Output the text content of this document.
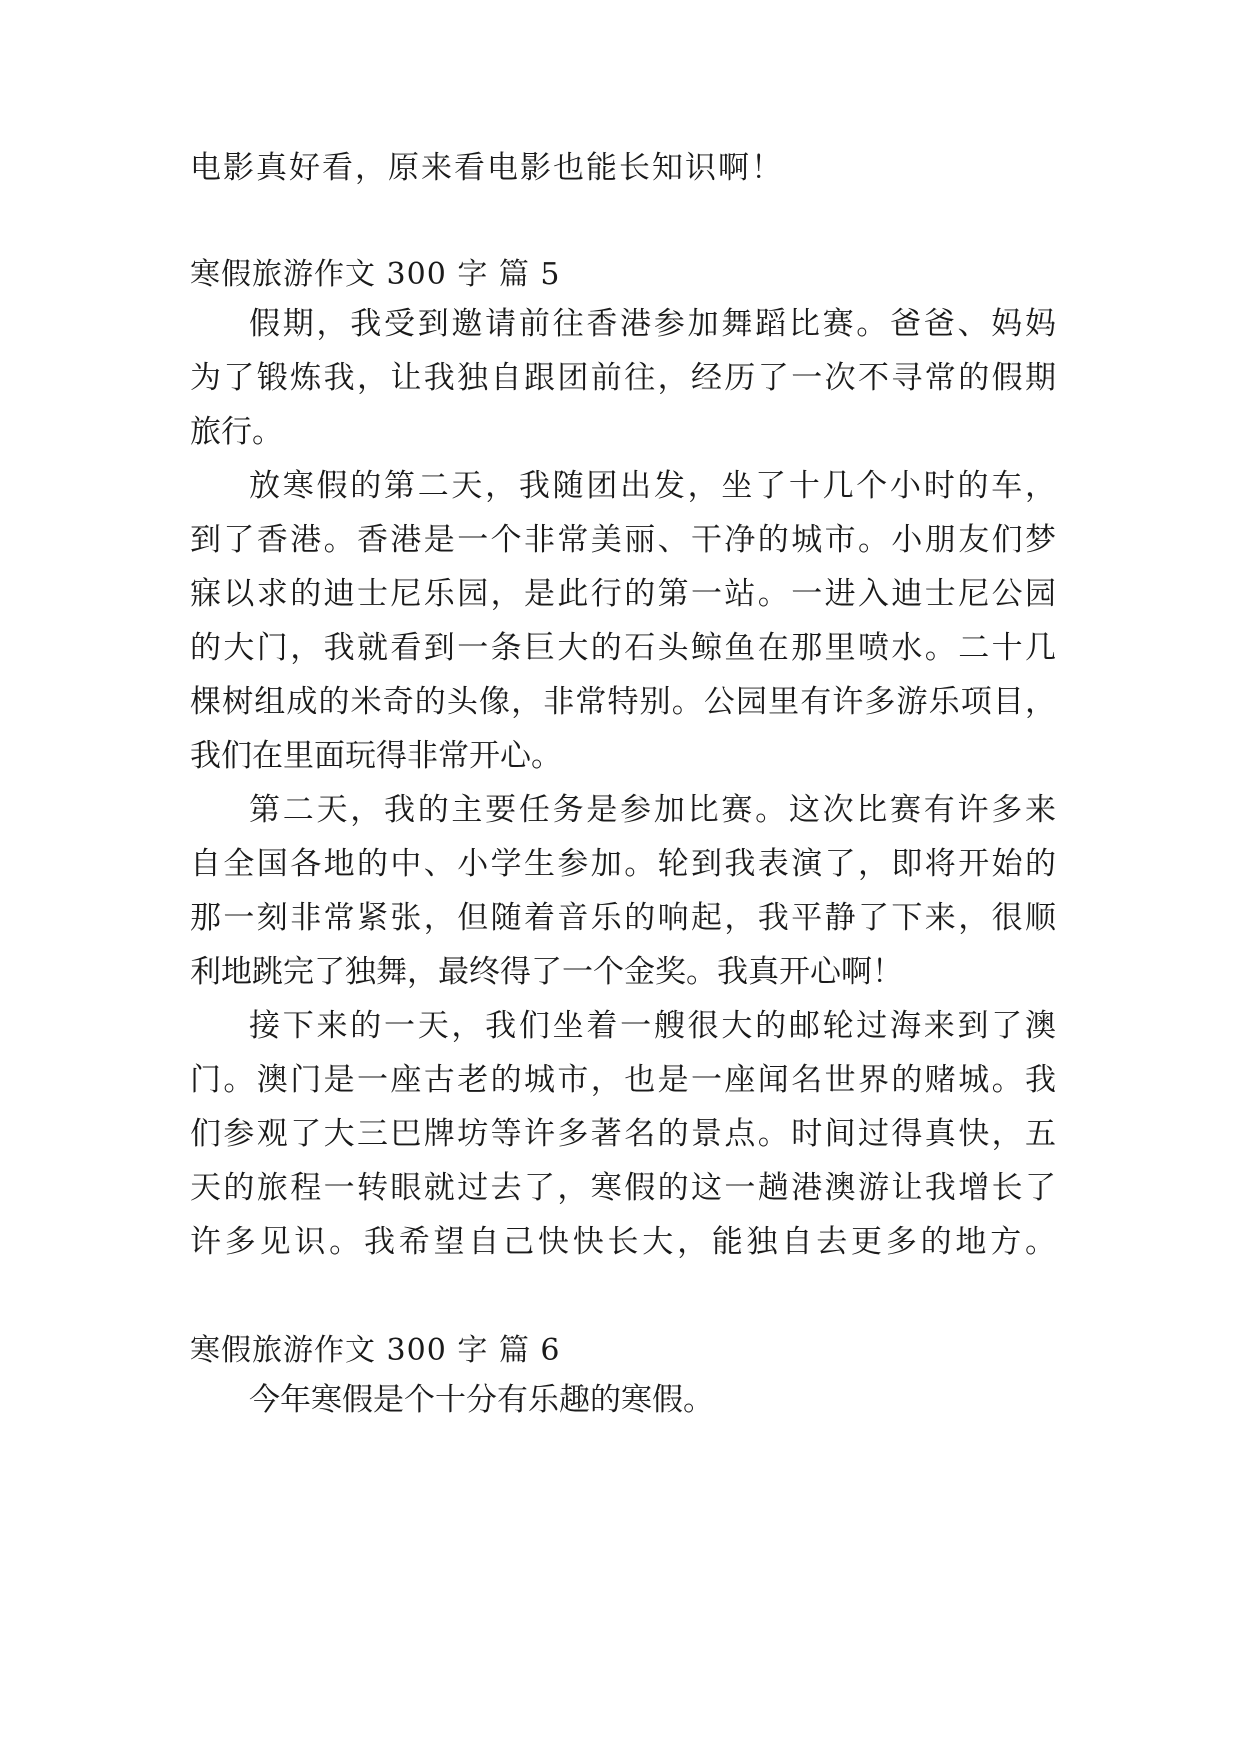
电影真好看，原来看电影也能长知识啊！
寒假旅游作文 300 字 篇 5
假期，我受到邀请前往香港参加舞蹈比赛。爸爸、妈妈
为了锻炼我，让我独自跟团前往，经历了一次不寻常的假期
旅行。
放寒假的第二天，我随团出发，坐了十几个小时的车，
到了香港。香港是一个非常美丽、干净的城市。小朋友们梦
寐以求的迪士尼乐园，是此行的第一站。一进入迪士尼公园
的大门，我就看到一条巨大的石头鲸鱼在那里喷水。二十几
棵树组成的米奇的头像，非常特别。公园里有许多游乐项目，
我们在里面玩得非常开心。
第二天，我的主要任务是参加比赛。这次比赛有许多来
自全国各地的中、小学生参加。轮到我表演了，即将开始的
那一刻非常紧张，但随着音乐的响起，我平静了下来，很顺
利地跳完了独舞，最终得了一个金奖。我真开心啊！
接下来的一天，我们坐着一艘很大的邮轮过海来到了澳
门。澳门是一座古老的城市，也是一座闻名世界的赌城。我
们参观了大三巴牌坊等许多著名的景点。时间过得真快，五
天的旅程一转眼就过去了，寒假的这一趟港澳游让我增长了
许多见识。我希望自己快快长大，能独自去更多的地方。
寒假旅游作文 300 字 篇 6
今年寒假是个十分有乐趣的寒假。
